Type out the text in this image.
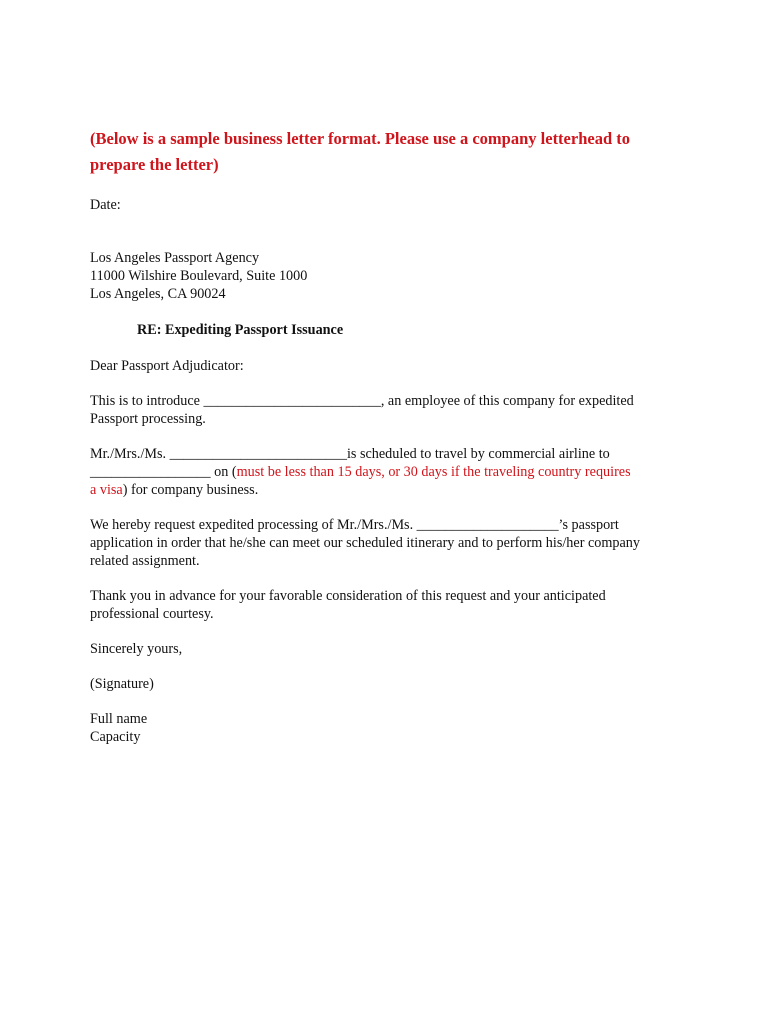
(Below is a sample business letter format. Please use a company letterhead to
prepare the letter)

Date:

Los Angeles Passport Agency
11000 Wilshire Boulevard, Suite 1000
Los Angeles, CA 90024

RE: Expediting Passport Issuance

Dear Passport Adjudicator:

This is to introduce _________________________, an employee of this company for expedited
Passport processing.

Mr./Mrs./Ms. _________________________is scheduled to travel by commercial airline to
_________________ on (must be less than 15 days, or 30 days if the traveling country requires
a visa) for company business.

We hereby request expedited processing of Mr./Mrs./Ms. ____________________’s passport
application in order that he/she can meet our scheduled itinerary and to perform his/her company
related assignment.

Thank you in advance for your favorable consideration of this request and your anticipated
professional courtesy.

Sincerely yours,

(Signature)

Full name
Capacity
